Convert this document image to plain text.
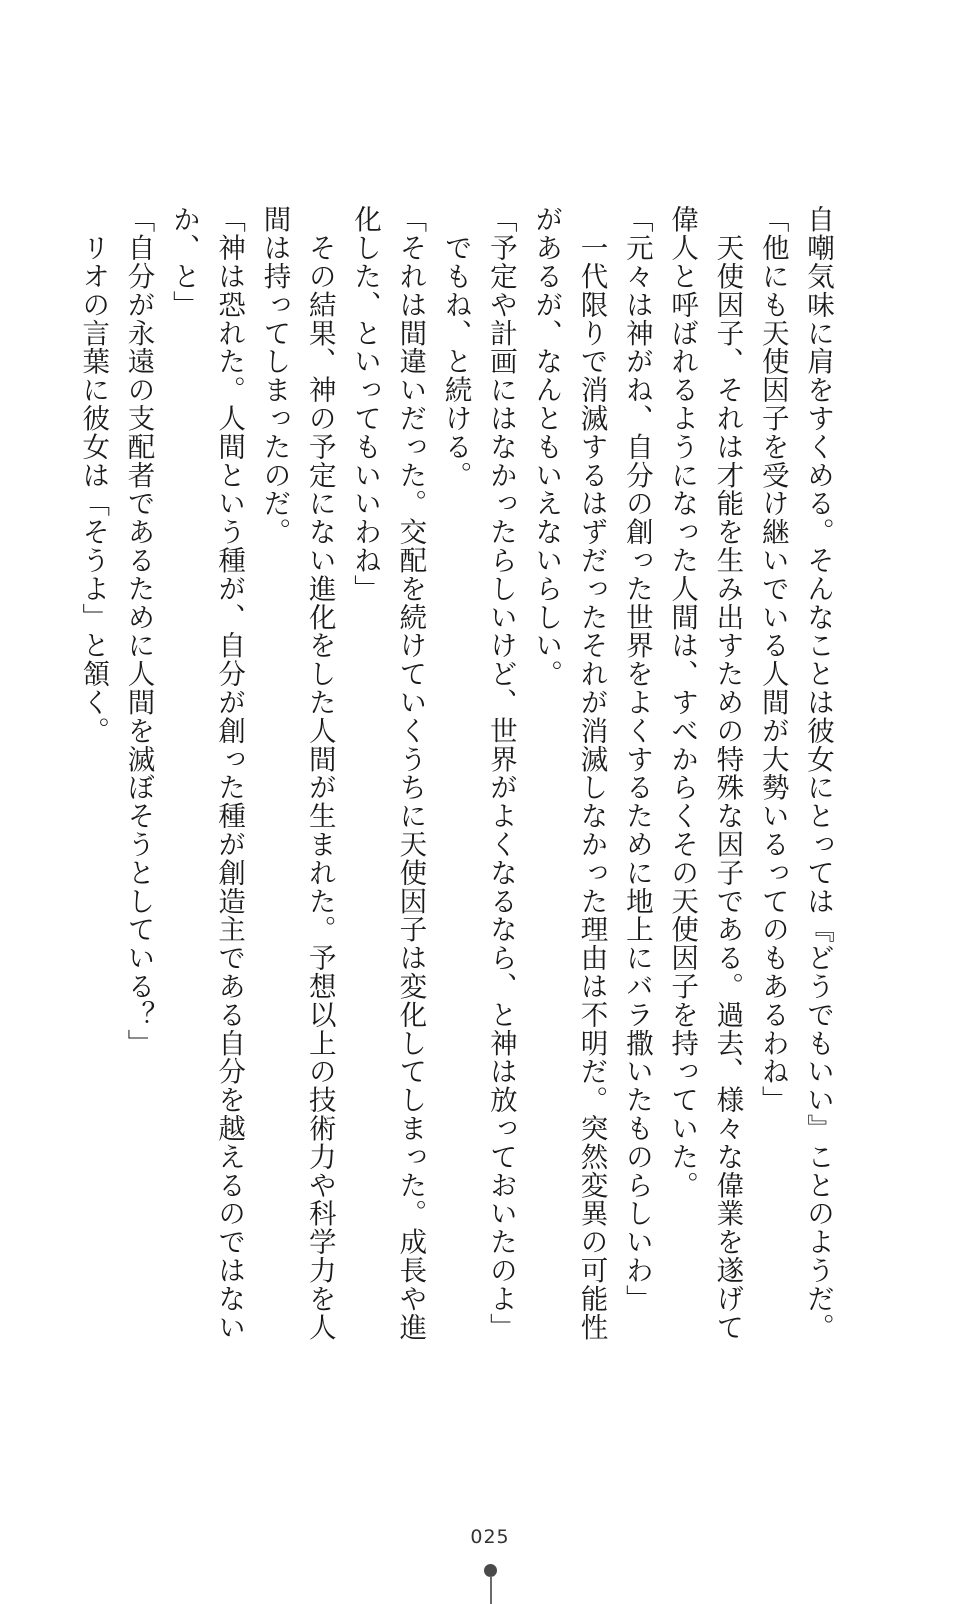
自嘲気味に肩をすくめる。そんなことは彼女にとっては『どうでもいい』ことのようだ。
「他にも天使因子を受け継いでいる人間が大勢いるってのもあるわね」
　天使因子、それは才能を生み出すための特殊な因子である。過去、様々な偉業を遂げて
偉人と呼ばれるようになった人間は、すべからくその天使因子を持っていた。
「元々は神がね、自分の創った世界をよくするために地上にバラ撒いたものらしいわ」
　一代限りで消滅するはずだったそれが消滅しなかった理由は不明だ。突然変異の可能性
があるが、なんともいえないらしい。
「予定や計画にはなかったらしいけど、世界がよくなるなら、と神は放っておいたのよ」
　でもね、と続ける。
「それは間違いだった。交配を続けていくうちに天使因子は変化してしまった。成長や進
化した、といってもいいわね」
　その結果、神の予定にない進化をした人間が生まれた。予想以上の技術力や科学力を人
間は持ってしまったのだ。
「神は恐れた。人間という種が、自分が創った種が創造主である自分を越えるのではない
か、と」
「自分が永遠の支配者であるために人間を滅ぼそうとしている？」
　リオの言葉に彼女は「そうよ」と頷く。
025
